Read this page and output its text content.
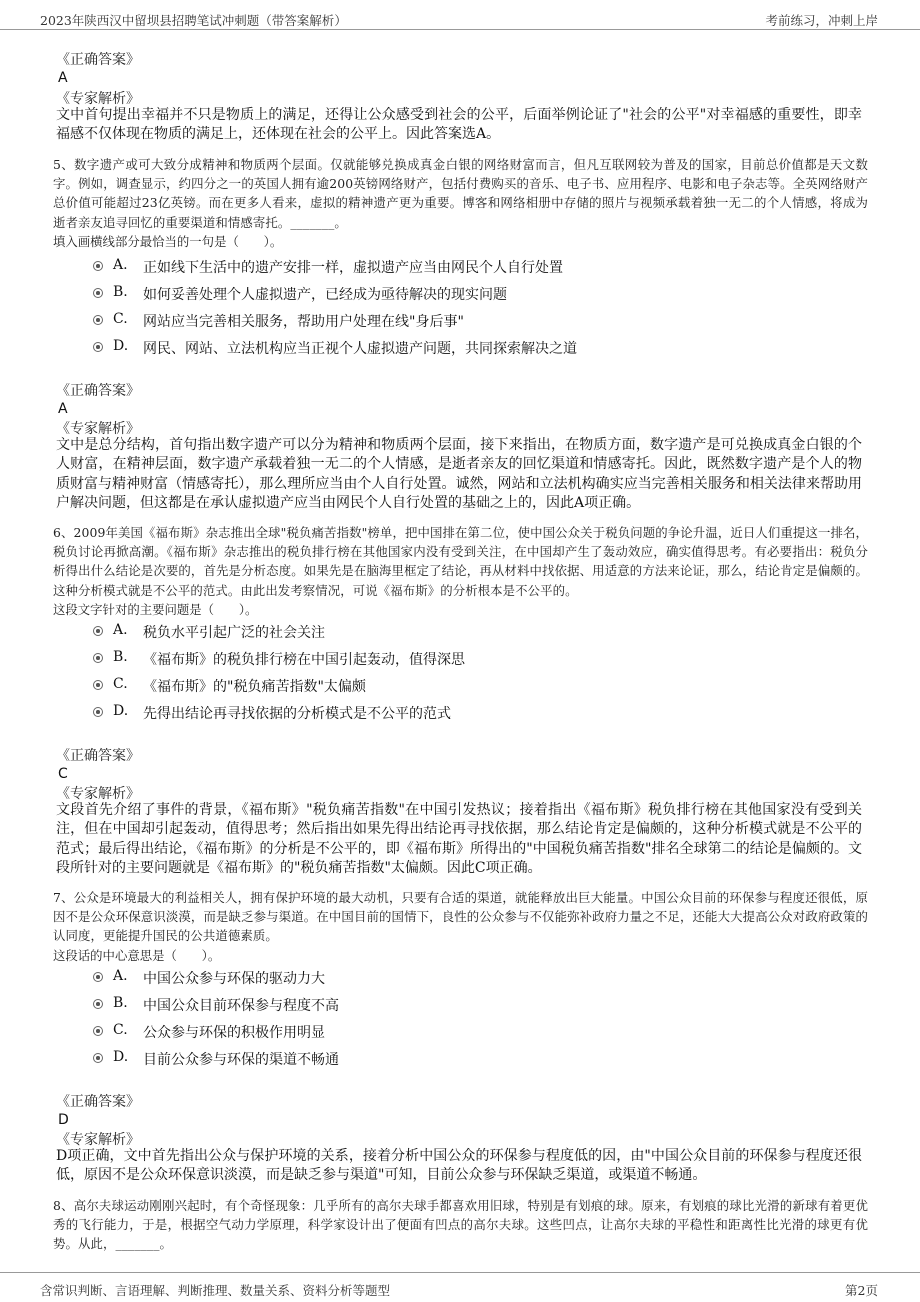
2023年陕西汉中留坝县招聘笔试冲刺题（带答案解析）	考前练习，冲刺上岸
《正确答案》
A
《专家解析》
文中首句提出幸福并不只是物质上的满足，还得让公众感受到社会的公平，后面举例论证了"社会的公平"对幸福感的重要性，即幸福感不仅体现在物质的满足上，还体现在社会的公平上。因此答案选A。
5、数字遗产或可大致分成精神和物质两个层面。仅就能够兑换成真金白银的网络财富而言，但凡互联网较为普及的国家，目前总价值都是天文数字。例如，调查显示，约四分之一的英国人拥有逾200英镑网络财产，包括付费购买的音乐、电子书、应用程序、电影和电子杂志等。全英网络财产总价值可能超过23亿英镑。而在更多人看来，虚拟的精神遗产更为重要。博客和网络相册中存储的照片与视频承载着独一无二的个人情感，将成为逝者亲友追寻回忆的重要渠道和情感寄托。_______。
填入画横线部分最恰当的一句是（　　）。
A. 正如线下生活中的遗产安排一样，虚拟遗产应当由网民个人自行处置
B. 如何妥善处理个人虚拟遗产，已经成为亟待解决的现实问题
C. 网站应当完善相关服务，帮助用户处理在线"身后事"
D. 网民、网站、立法机构应当正视个人虚拟遗产问题，共同探索解决之道
《正确答案》
A
《专家解析》
文中是总分结构，首句指出数字遗产可以分为精神和物质两个层面，接下来指出，在物质方面，数字遗产是可兑换成真金白银的个人财富，在精神层面，数字遗产承载着独一无二的个人情感，是逝者亲友的回忆渠道和情感寄托。因此，既然数字遗产是个人的物质财富与精神财富（情感寄托），那么理所应当由个人自行处置。诚然，网站和立法机构确实应当完善相关服务和相关法律来帮助用户解决问题，但这都是在承认虚拟遗产应当由网民个人自行处置的基础之上的，因此A项正确。
6、2009年美国《福布斯》杂志推出全球"税负痛苦指数"榜单，把中国排在第二位，使中国公众关于税负问题的争论升温，近日人们重提这一排名，税负讨论再掀高潮。《福布斯》杂志推出的税负排行榜在其他国家内没有受到关注，在中国却产生了轰动效应，确实值得思考。有必要指出：税负分析得出什么结论是次要的，首先是分析态度。如果先是在脑海里框定了结论，再从材料中找依据、用适意的方法来论证，那么，结论肯定是偏颇的。这种分析模式就是不公平的范式。由此出发考察情况，可说《福布斯》的分析根本是不公平的。
这段文字针对的主要问题是（　　）。
A. 税负水平引起广泛的社会关注
B. 《福布斯》的税负排行榜在中国引起轰动，值得深思
C. 《福布斯》的"税负痛苦指数"太偏颇
D. 先得出结论再寻找依据的分析模式是不公平的范式
《正确答案》
C
《专家解析》
文段首先介绍了事件的背景，《福布斯》"税负痛苦指数"在中国引发热议；接着指出《福布斯》税负排行榜在其他国家没有受到关注，但在中国却引起轰动，值得思考；然后指出如果先得出结论再寻找依据，那么结论肯定是偏颇的，这种分析模式就是不公平的范式；最后得出结论，《福布斯》的分析是不公平的，即《福布斯》所得出的"中国税负痛苦指数"排名全球第二的结论是偏颇的。文段所针对的主要问题就是《福布斯》的"税负痛苦指数"太偏颇。因此C项正确。
7、公众是环境最大的利益相关人，拥有保护环境的最大动机，只要有合适的渠道，就能释放出巨大能量。中国公众目前的环保参与程度还很低，原因不是公众环保意识淡漠，而是缺乏参与渠道。在中国目前的国情下，良性的公众参与不仅能弥补政府力量之不足，还能大大提高公众对政府政策的认同度，更能提升国民的公共道德素质。
这段话的中心意思是（　　）。
A. 中国公众参与环保的驱动力大
B. 中国公众目前环保参与程度不高
C. 公众参与环保的积极作用明显
D. 目前公众参与环保的渠道不畅通
《正确答案》
D
《专家解析》
D项正确，文中首先指出公众与保护环境的关系，接着分析中国公众的环保参与程度低的因，由"中国公众目前的环保参与程度还很低，原因不是公众环保意识淡漠，而是缺乏参与渠道"可知，目前公众参与环保缺乏渠道，或渠道不畅通。
8、高尔夫球运动刚刚兴起时，有个奇怪现象：几乎所有的高尔夫球手都喜欢用旧球，特别是有划痕的球。原来，有划痕的球比光滑的新球有着更优秀的飞行能力，于是，根据空气动力学原理，科学家设计出了便面有凹点的高尔夫球。这些凹点，让高尔夫球的平稳性和距离性比光滑的球更有优势。从此，_______。
含常识判断、言语理解、判断推理、数量关系、资料分析等题型	第2页
